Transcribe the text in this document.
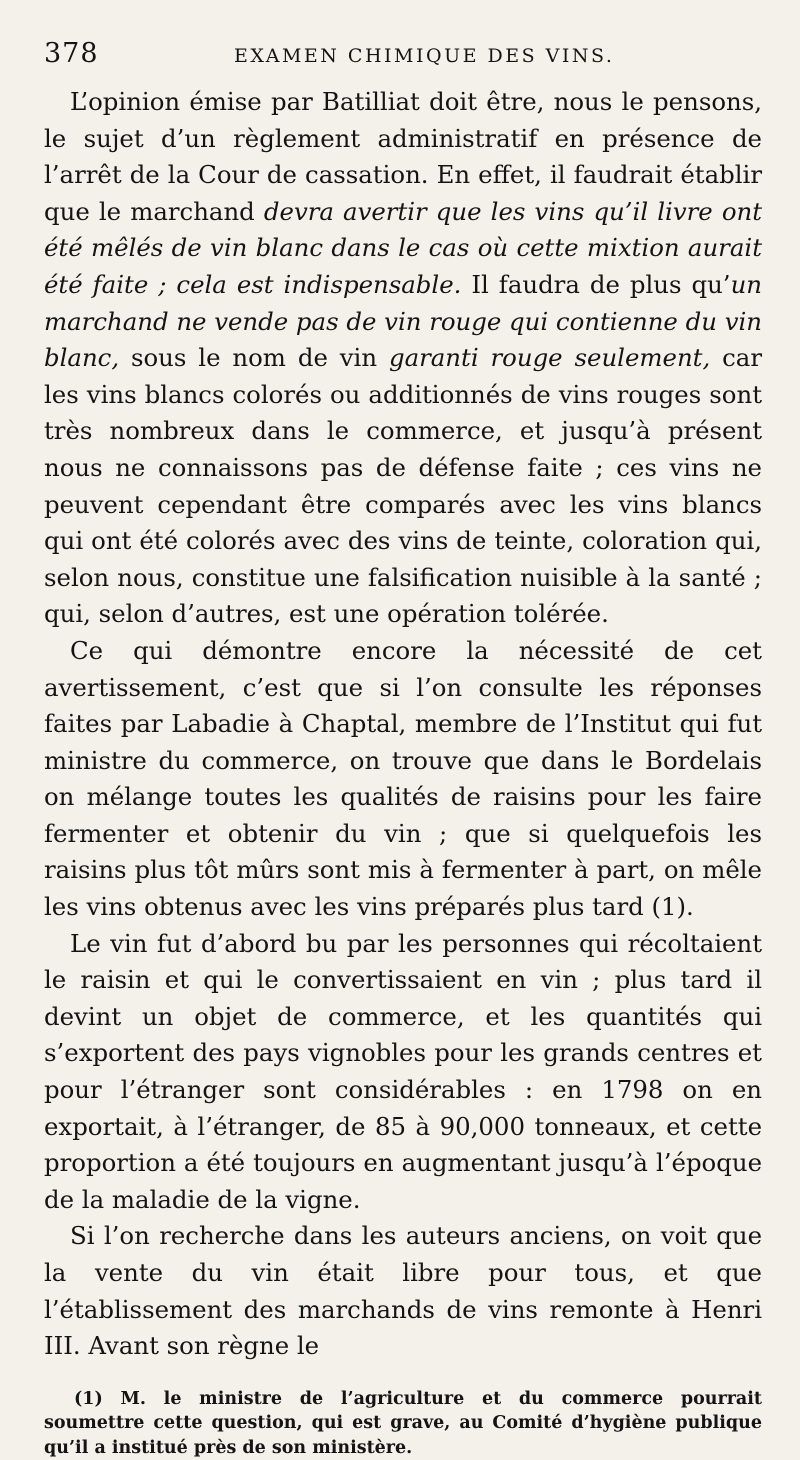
378	EXAMEN CHIMIQUE DES VINS.

L’opinion émise par Batilliat doit être, nous le pensons, le sujet d’un règlement administratif en présence de l’arrêt de la Cour de cassation. En effet, il faudrait établir que le marchand devra avertir que les vins qu’il livre ont été mêlés de vin blanc dans le cas où cette mixtion aurait été faite ; cela est indispensable. Il faudra de plus qu’un marchand ne vende pas de vin rouge qui contienne du vin blanc, sous le nom de vin garanti rouge seulement, car les vins blancs colorés ou additionnés de vins rouges sont très nombreux dans le commerce, et jusqu’à présent nous ne connaissons pas de défense faite ; ces vins ne peuvent cependant être comparés avec les vins blancs qui ont été colorés avec des vins de teinte, coloration qui, selon nous, constitue une falsification nuisible à la santé ; qui, selon d’autres, est une opération tolérée.

Ce qui démontre encore la nécessité de cet avertissement, c’est que si l’on consulte les réponses faites par Labadie à Chaptal, membre de l’Institut qui fut ministre du commerce, on trouve que dans le Bordelais on mélange toutes les qualités de raisins pour les faire fermenter et obtenir du vin ; que si quelquefois les raisins plus tôt mûrs sont mis à fermenter à part, on mêle les vins obtenus avec les vins préparés plus tard (1).

Le vin fut d’abord bu par les personnes qui récoltaient le raisin et qui le convertissaient en vin ; plus tard il devint un objet de commerce, et les quantités qui s’exportent des pays vignobles pour les grands centres et pour l’étranger sont considérables : en 1798 on en exportait, à l’étranger, de 85 à 90,000 tonneaux, et cette proportion a été toujours en augmentant jusqu’à l’époque de la maladie de la vigne.

Si l’on recherche dans les auteurs anciens, on voit que la vente du vin était libre pour tous, et que l’établissement des marchands de vins remonte à Henri III. Avant son règne le

(1) M. le ministre de l’agriculture et du commerce pourrait soumettre cette question, qui est grave, au Comité d’hygiène publique qu’il a institué près de son ministère.
